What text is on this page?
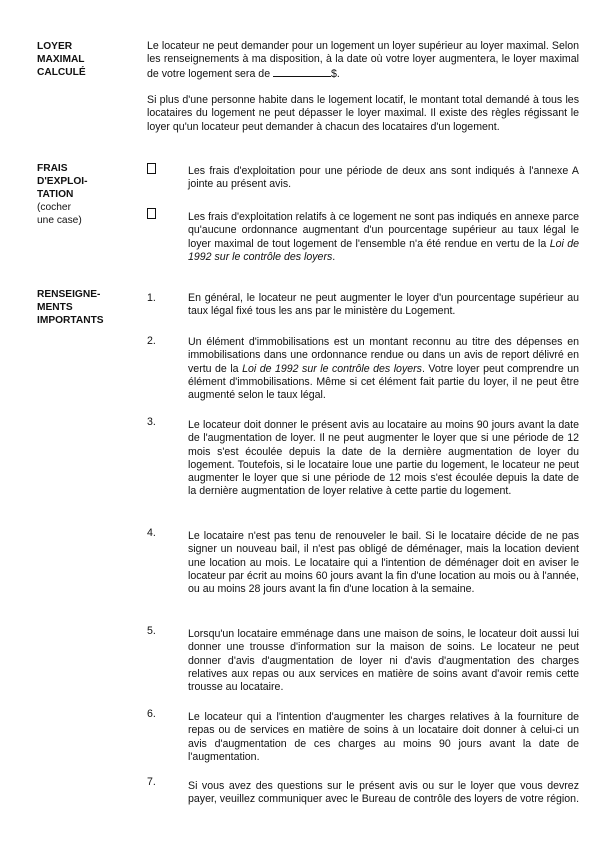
LOYER
MAXIMAL
CALCULÉ
Le locateur ne peut demander pour un logement un loyer supérieur au loyer maximal. Selon les renseignements à ma disposition, à la date où votre loyer augmentera, le loyer maximal de votre logement sera de	$.
Si plus d'une personne habite dans le logement locatif, le montant total demandé à tous les locataires du logement ne peut dépasser le loyer maximal. Il existe des règles régissant le loyer qu'un locateur peut demander à chacun des locataires d'un logement.
FRAIS
D'EXPLOI-
TATION
(cocher
une case)
Les frais d'exploitation pour une période de deux ans sont indiqués à l'annexe A jointe au présent avis.
Les frais d'exploitation relatifs à ce logement ne sont pas indiqués en annexe parce qu'aucune ordonnance augmentant d'un pourcentage supérieur au taux légal le loyer maximal de tout logement de l'ensemble n'a été rendue en vertu de la Loi de 1992 sur le contrôle des loyers.
RENSEIGNE-
MENTS
IMPORTANTS
1.	En général, le locateur ne peut augmenter le loyer d'un pourcentage supérieur au taux légal fixé tous les ans par le ministère du Logement.
2.	Un élément d'immobilisations est un montant reconnu au titre des dépenses en immobilisations dans une ordonnance rendue ou dans un avis de report délivré en vertu de la Loi de 1992 sur le contrôle des loyers. Votre loyer peut comprendre un élément d'immobilisations. Même si cet élément fait partie du loyer, il ne peut être augmenté selon le taux légal.
3.	Le locateur doit donner le présent avis au locataire au moins 90 jours avant la date de l'augmentation de loyer. Il ne peut augmenter le loyer que si une période de 12 mois s'est écoulée depuis la date de la dernière augmentation de loyer du logement. Toutefois, si le locataire loue une partie du logement, le locateur ne peut augmenter le loyer que si une période de 12 mois s'est écoulée depuis la date de la dernière augmentation de loyer relative à cette partie du logement.
4.	Le locataire n'est pas tenu de renouveler le bail. Si le locataire décide de ne pas signer un nouveau bail, il n'est pas obligé de déménager, mais la location devient une location au mois. Le locataire qui a l'intention de déménager doit en aviser le locateur par écrit au moins 60 jours avant la fin d'une location au mois ou à l'année, ou au moins 28 jours avant la fin d'une location à la semaine.
5.	Lorsqu'un locataire emménage dans une maison de soins, le locateur doit aussi lui donner une trousse d'information sur la maison de soins. Le locateur ne peut donner d'avis d'augmentation de loyer ni d'avis d'augmentation des charges relatives aux repas ou aux services en matière de soins avant d'avoir remis cette trousse au locataire.
6.	Le locateur qui a l'intention d'augmenter les charges relatives à la fourniture de repas ou de services en matière de soins à un locataire doit donner à celui-ci un avis d'augmentation de ces charges au moins 90 jours avant la date de l'augmentation.
7.	Si vous avez des questions sur le présent avis ou sur le loyer que vous devrez payer, veuillez communiquer avec le Bureau de contrôle des loyers de votre région.
